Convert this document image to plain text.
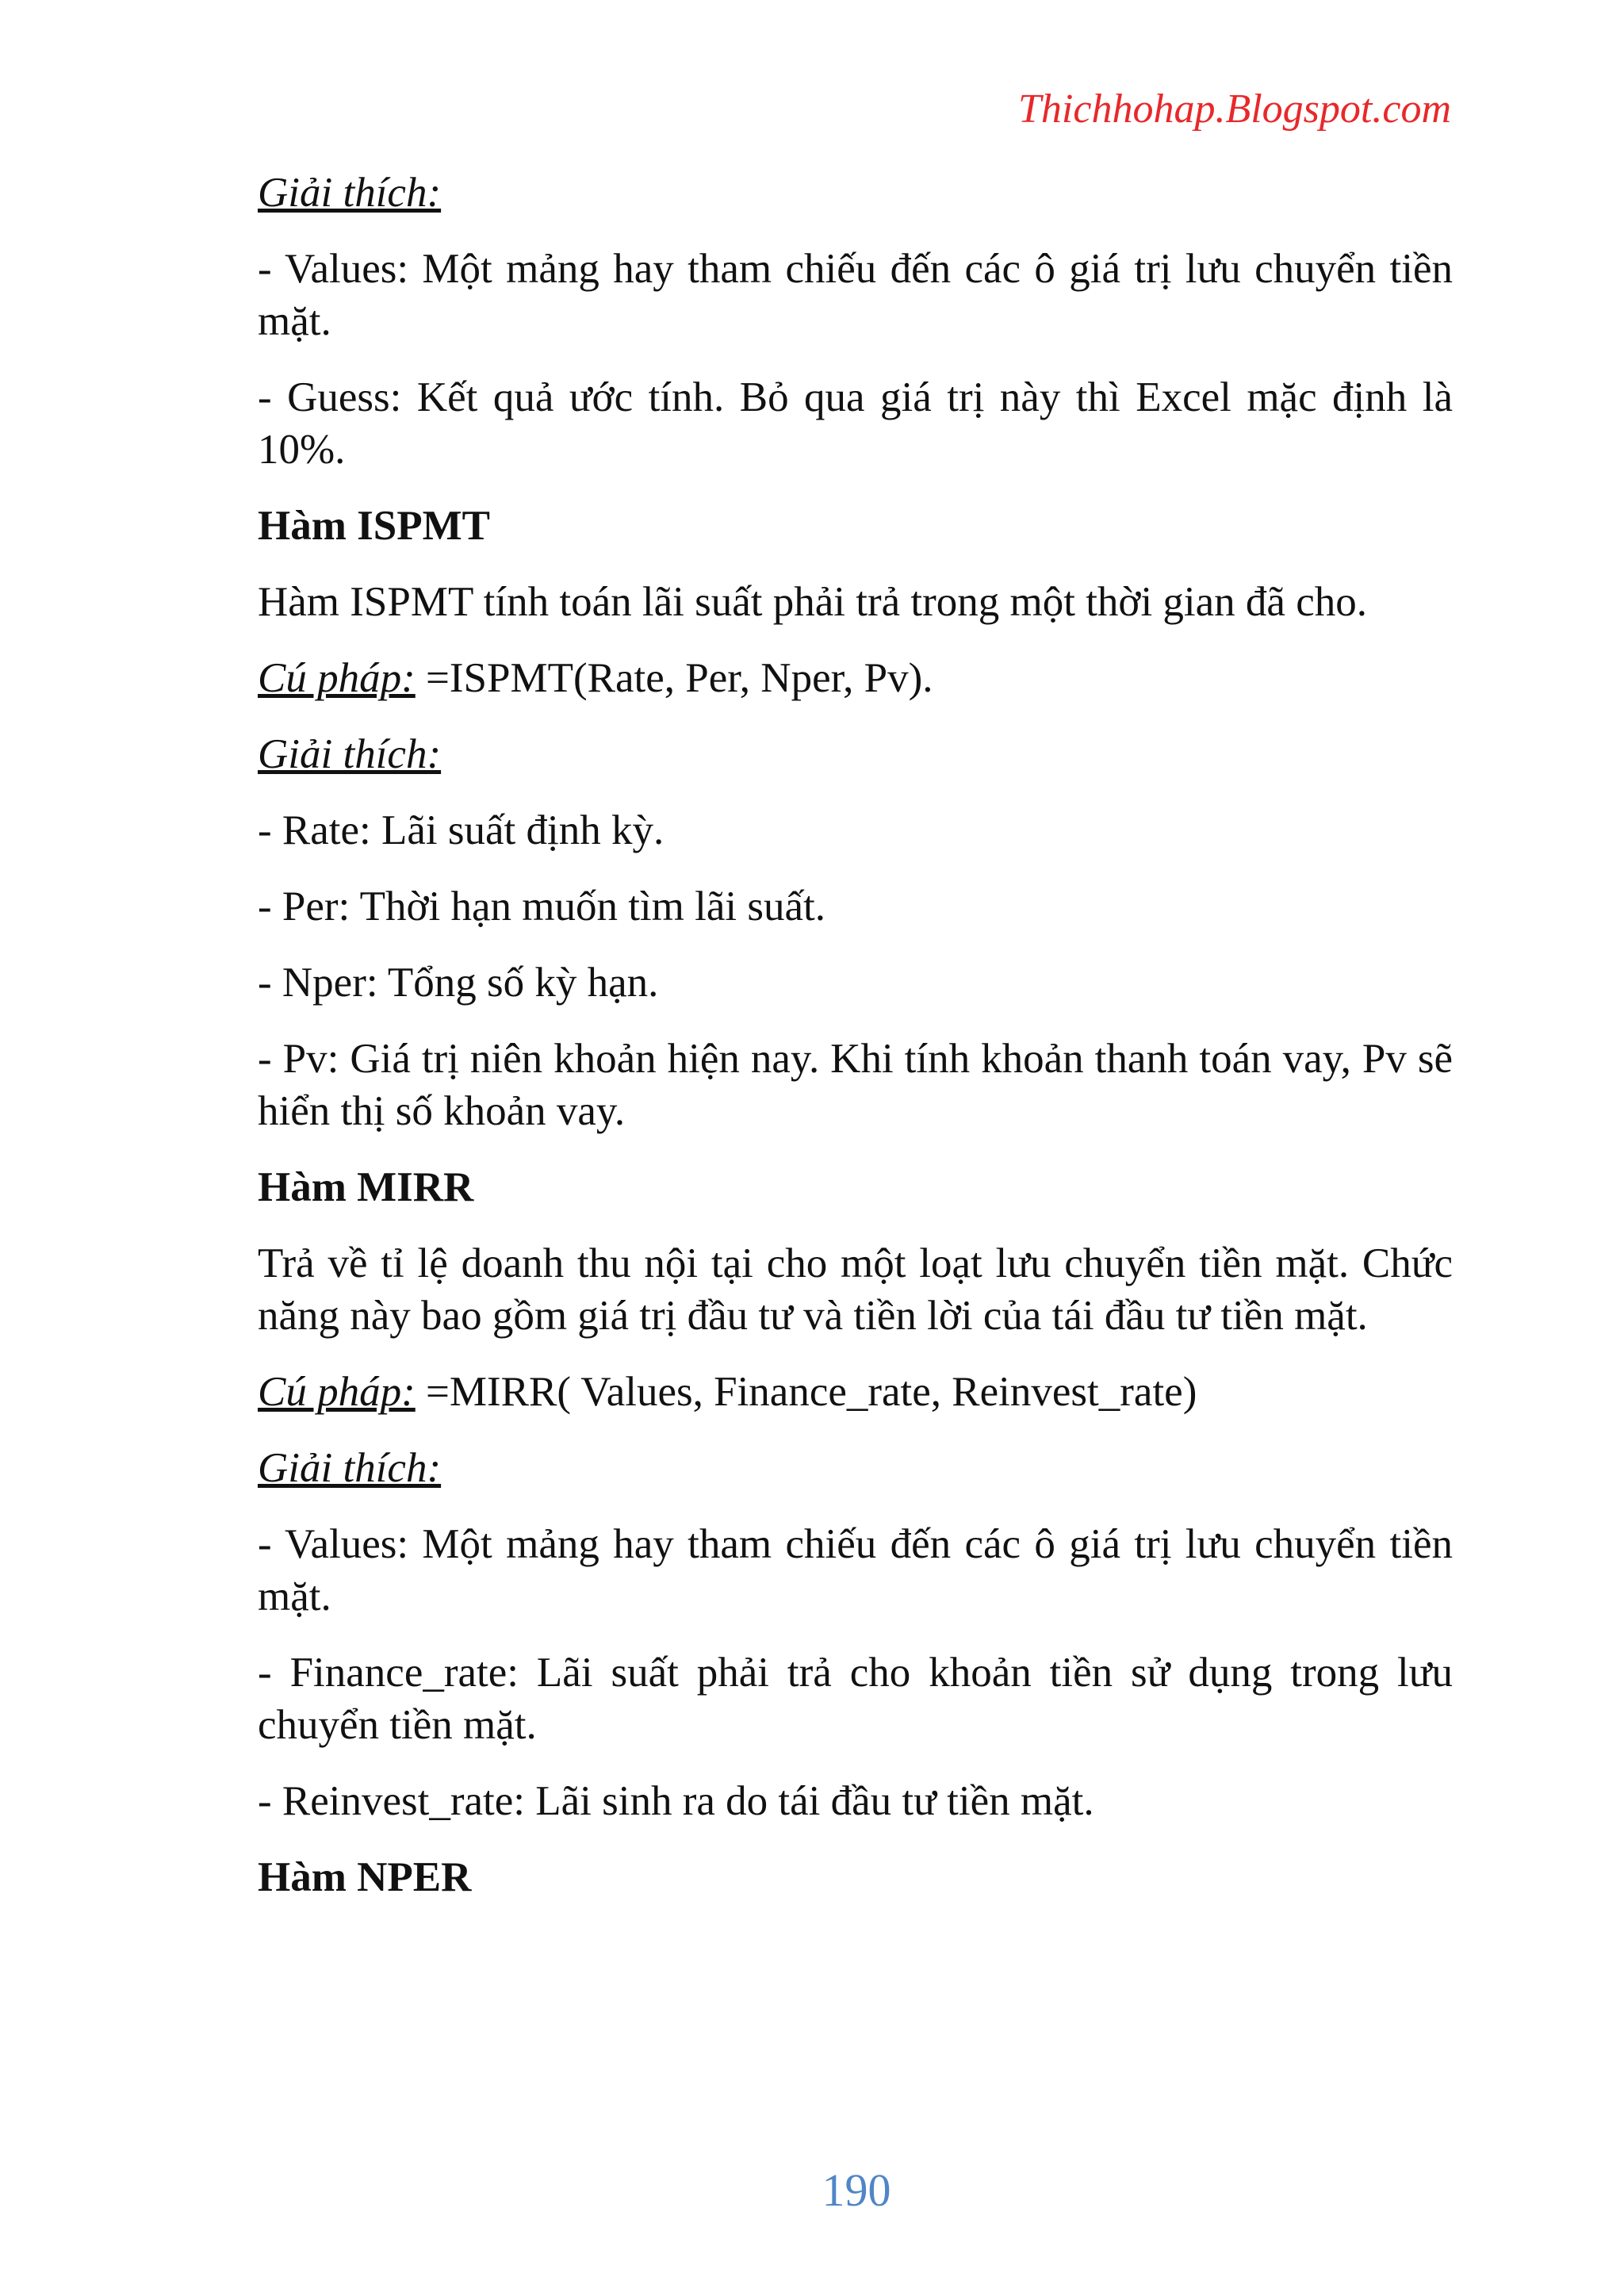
Thichhohap.Blogspot.com
Giải thích:

- Values: Một mảng hay tham chiếu đến các ô giá trị lưu chuyển tiền mặt.

- Guess: Kết quả ước tính. Bỏ qua giá trị này thì Excel mặc định là 10%.

Hàm ISPMT

Hàm ISPMT tính toán lãi suất phải trả trong một thời gian đã cho.

Cú pháp: =ISPMT(Rate, Per, Nper, Pv).

Giải thích:

- Rate: Lãi suất định kỳ.

- Per: Thời hạn muốn tìm lãi suất.

- Nper: Tổng số kỳ hạn.

- Pv: Giá trị niên khoản hiện nay. Khi tính khoản thanh toán vay, Pv sẽ hiển thị số khoản vay.

Hàm MIRR

Trả về tỉ lệ doanh thu nội tại cho một loạt lưu chuyển tiền mặt. Chức năng này bao gồm giá trị đầu tư và tiền lời của tái đầu tư tiền mặt.

Cú pháp: =MIRR( Values, Finance_rate, Reinvest_rate)

Giải thích:

- Values: Một mảng hay tham chiếu đến các ô giá trị lưu chuyển tiền mặt.

- Finance_rate: Lãi suất phải trả cho khoản tiền sử dụng trong lưu chuyển tiền mặt.

- Reinvest_rate: Lãi sinh ra do tái đầu tư tiền mặt.

Hàm NPER
190
